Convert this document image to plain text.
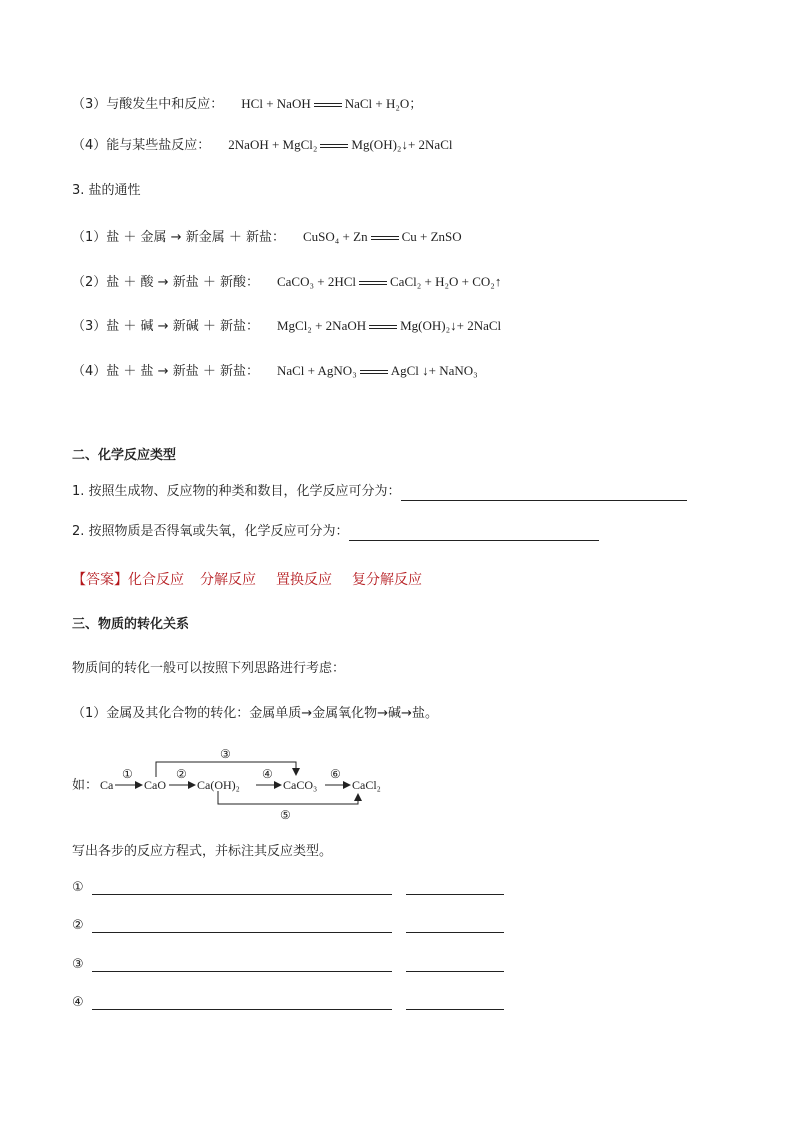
（3）与酸发生中和反应： HCl + NaOH	NaCl + H₂O；
（4）能与某些盐反应： 2NaOH + MgCl₂	Mg(OH)₂↓+ 2NaCl
3. 盐的通性
（1）盐 ＋ 金属 → 新金属 ＋ 新盐： CuSO₄ + Zn	Cu + ZnSO
（2）盐 ＋ 酸 → 新盐 ＋ 新酸： CaCO₃ + 2HCl	CaCl₂ + H₂O + CO₂↑
（3）盐 ＋ 碱 → 新碱 ＋ 新盐： MgCl₂ + 2NaOH	Mg(OH)₂↓+ 2NaCl
（4）盐 ＋ 盐 → 新盐 ＋ 新盐： NaCl + AgNO₃	AgCl ↓+ NaNO₃
二、化学反应类型
1. 按照生成物、反应物的种类和数目，化学反应可分为：
2. 按照物质是否得氧或失氧，化学反应可分为：
【答案】化合反应 分解反应 置换反应 复分解反应
三、物质的转化关系
物质间的转化一般可以按照下列思路进行考虑：
（1）金属及其化合物的转化：金属单质→金属氧化物→碱→盐。
如： Ca	CaO	Ca(OH)₂	CaCO₃	CaCl₂
①	②	④	⑥
③
⑤
写出各步的反应方程式，并标注其反应类型。
①
②
③
④
